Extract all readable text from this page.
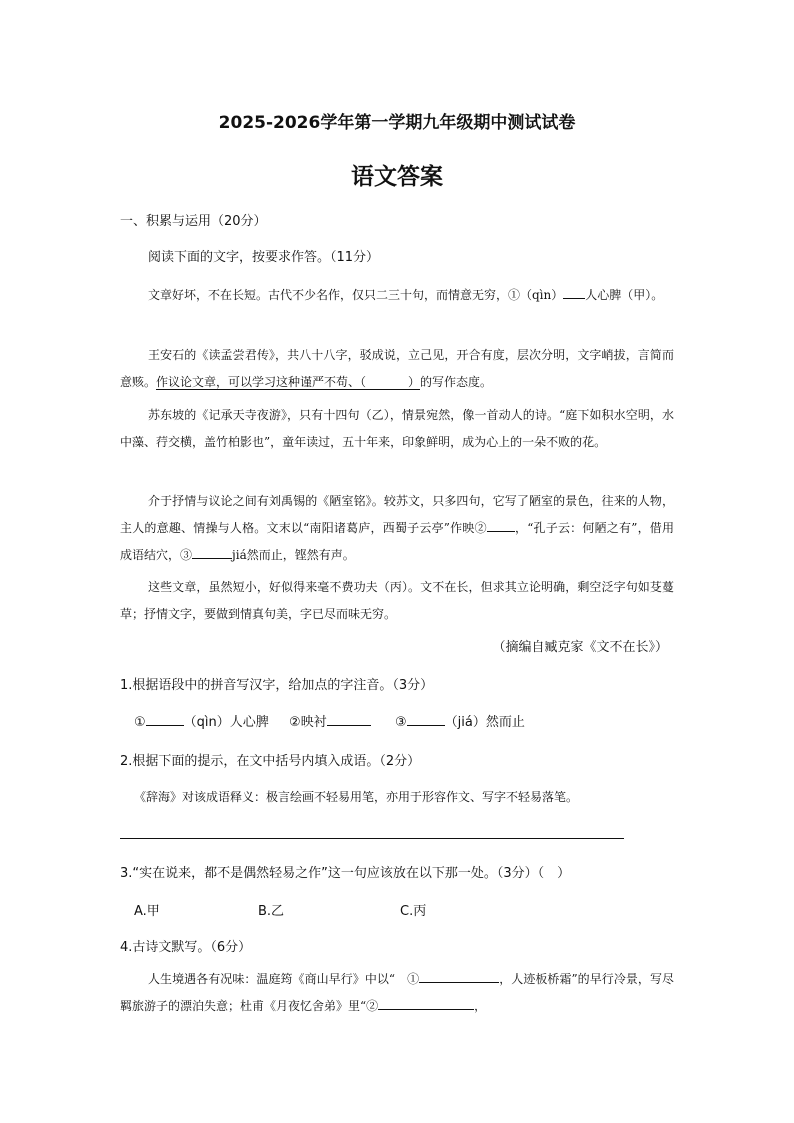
2025-2026学年第一学期九年级期中测试试卷
语文答案
一、积累与运用（20分）
阅读下面的文字，按要求作答。（11分）
文章好坏，不在长短。古代不少名作，仅只二三十句，而情意无穷，①（qìn） 人心脾（甲）。
王安石的《读孟尝君传》，共八十八字，驳成说，立己见，开合有度，层次分明，文字峭拔，言简而意赅。作议论文章，可以学习这种谨严不苟、（	）的写作态度。
苏东坡的《记承天寺夜游》，只有十四句（乙），情景宛然，像一首动人的诗。“庭下如积水空明，水中藻、荇交横，盖竹柏影也”，童年读过，五十年来，印象鲜明，成为心上的一朵不败的花。
介于抒情与议论之间有刘禹锡的《陋室铭》。较苏文，只多四句，它写了陋室的景色，往来的人物，主人的意趣、情操与人格。文末以“南阳诸葛庐，西蜀子云亭”作映② ，“孔子云：何陋之有”，借用成语结穴，③	jiá然而止，铿然有声。
这些文章，虽然短小，好似得来毫不费功夫（丙）。文不在长，但求其立论明确，剩空泛字句如芟蔓草；抒情文字，要做到情真句美，字已尽而味无穷。
（摘编自臧克家《文不在长》）
1.根据语段中的拼音写汉字，给加点的字注音。（3分）
①	（qìn）人心脾 ②映衬	③	（jiá）然而止
2.根据下面的提示，在文中括号内填入成语。（2分）
《辞海》对该成语释义：极言绘画不轻易用笔，亦用于形容作文、写字不轻易落笔。
3.“实在说来，都不是偶然轻易之作”这一句应该放在以下那一处。（3分）（　）
A.甲	B.乙	C.丙
4.古诗文默写。（6分）
人生境遇各有况味：温庭筠《商山早行》中以“　①	，人迹板桥霜”的早行冷景，写尽羁旅游子的漂泊失意；杜甫《月夜忆舍弟》里“②	，
